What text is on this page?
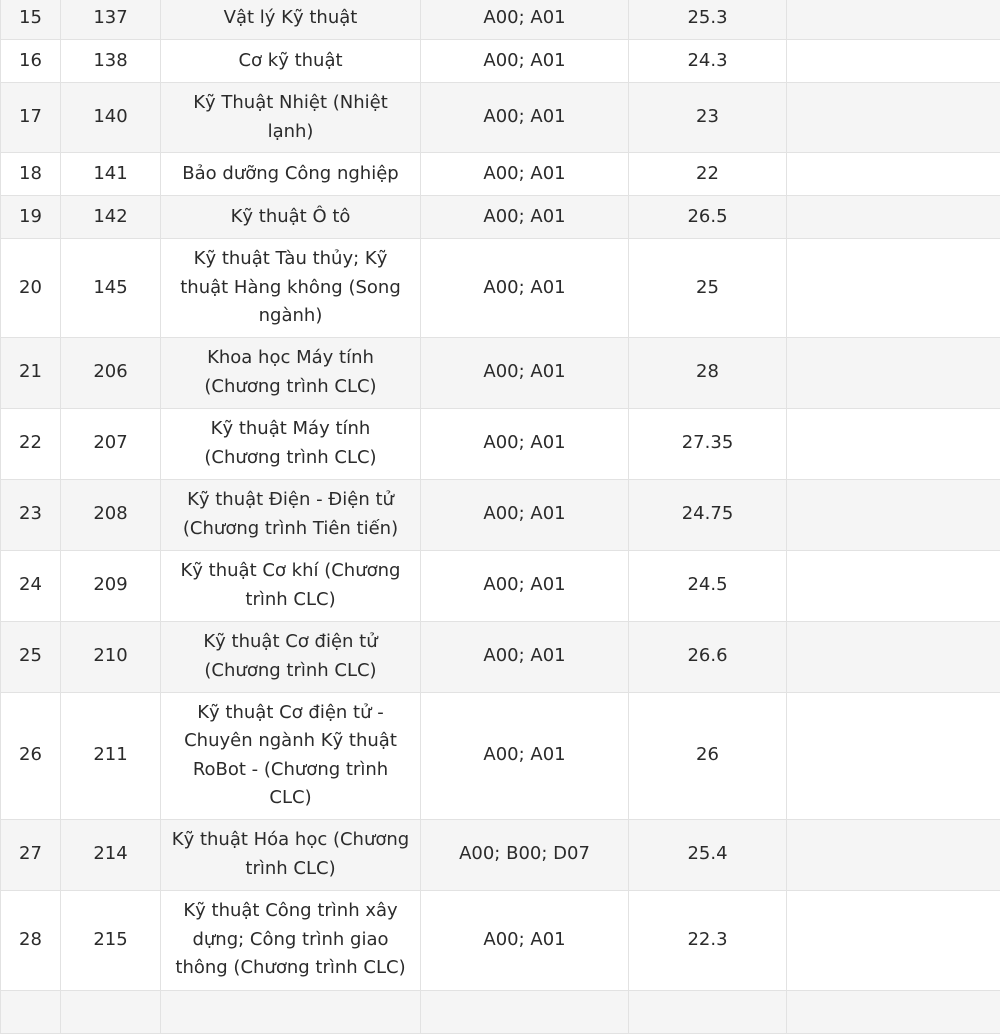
15	137	Vật lý Kỹ thuật	A00; A01	25.3	
16	138	Cơ kỹ thuật	A00; A01	24.3	
17	140	Kỹ Thuật Nhiệt (Nhiệt lạnh)	A00; A01	23	
18	141	Bảo dưỡng Công nghiệp	A00; A01	22	
19	142	Kỹ thuật Ô tô	A00; A01	26.5	
20	145	Kỹ thuật Tàu thủy; Kỹ thuật Hàng không (Song ngành)	A00; A01	25	
21	206	Khoa học Máy tính (Chương trình CLC)	A00; A01	28	
22	207	Kỹ thuật Máy tính (Chương trình CLC)	A00; A01	27.35	
23	208	Kỹ thuật Điện - Điện tử (Chương trình Tiên tiến)	A00; A01	24.75	
24	209	Kỹ thuật Cơ khí (Chương trình CLC)	A00; A01	24.5	
25	210	Kỹ thuật Cơ điện tử (Chương trình CLC)	A00; A01	26.6	
26	211	Kỹ thuật Cơ điện tử - Chuyên ngành Kỹ thuật RoBot - (Chương trình CLC)	A00; A01	26	
27	214	Kỹ thuật Hóa học (Chương trình CLC)	A00; B00; D07	25.4	
28	215	Kỹ thuật Công trình xây dựng; Công trình giao thông (Chương trình CLC)	A00; A01	22.3	
